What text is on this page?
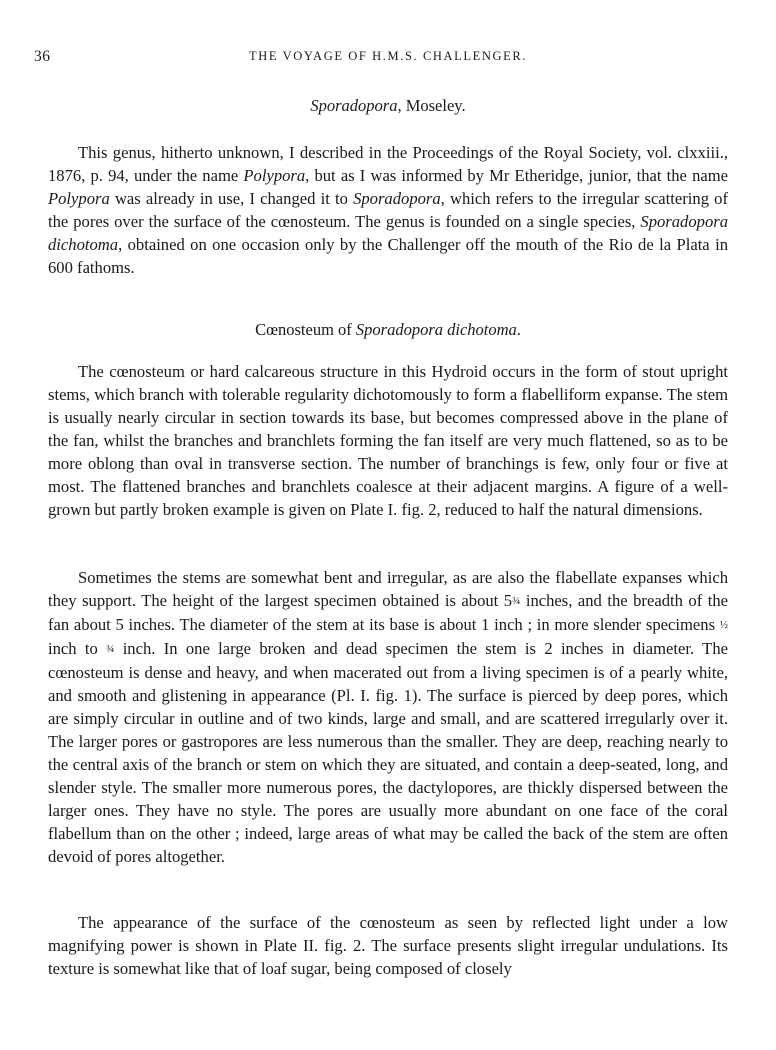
36	THE VOYAGE OF H.M.S. CHALLENGER.
Sporadopora, Moseley.

This genus, hitherto unknown, I described in the Proceedings of the Royal Society, vol. clxxiii., 1876, p. 94, under the name Polypora, but as I was informed by Mr Etheridge, junior, that the name Polypora was already in use, I changed it to Sporadopora, which refers to the irregular scattering of the pores over the surface of the cœnosteum. The genus is founded on a single species, Sporadopora dichotoma, obtained on one occasion only by the Challenger off the mouth of the Rio de la Plata in 600 fathoms.

Cœnosteum of Sporadopora dichotoma.

The cœnosteum or hard calcareous structure in this Hydroid occurs in the form of stout upright stems, which branch with tolerable regularity dichotomously to form a flabelliform expanse. The stem is usually nearly circular in section towards its base, but becomes compressed above in the plane of the fan, whilst the branches and branchlets forming the fan itself are very much flattened, so as to be more oblong than oval in transverse section. The number of branchings is few, only four or five at most. The flattened branches and branchlets coalesce at their adjacent margins. A figure of a well-grown but partly broken example is given on Plate I. fig. 2, reduced to half the natural dimensions.

Sometimes the stems are somewhat bent and irregular, as are also the flabellate expanses which they support. The height of the largest specimen obtained is about 5¾ inches, and the breadth of the fan about 5 inches. The diameter of the stem at its base is about 1 inch ; in more slender specimens ½ inch to ¾ inch. In one large broken and dead specimen the stem is 2 inches in diameter. The cœnosteum is dense and heavy, and when macerated out from a living specimen is of a pearly white, and smooth and glistening in appearance (Pl. I. fig. 1). The surface is pierced by deep pores, which are simply circular in outline and of two kinds, large and small, and are scattered irregularly over it. The larger pores or gastropores are less numerous than the smaller. They are deep, reaching nearly to the central axis of the branch or stem on which they are situated, and contain a deep-seated, long, and slender style. The smaller more numerous pores, the dactylopores, are thickly dispersed between the larger ones. They have no style. The pores are usually more abundant on one face of the coral flabellum than on the other ; indeed, large areas of what may be called the back of the stem are often devoid of pores altogether.

The appearance of the surface of the cœnosteum as seen by reflected light under a low magnifying power is shown in Plate II. fig. 2. The surface presents slight irregular undulations. Its texture is somewhat like that of loaf sugar, being composed of closely
